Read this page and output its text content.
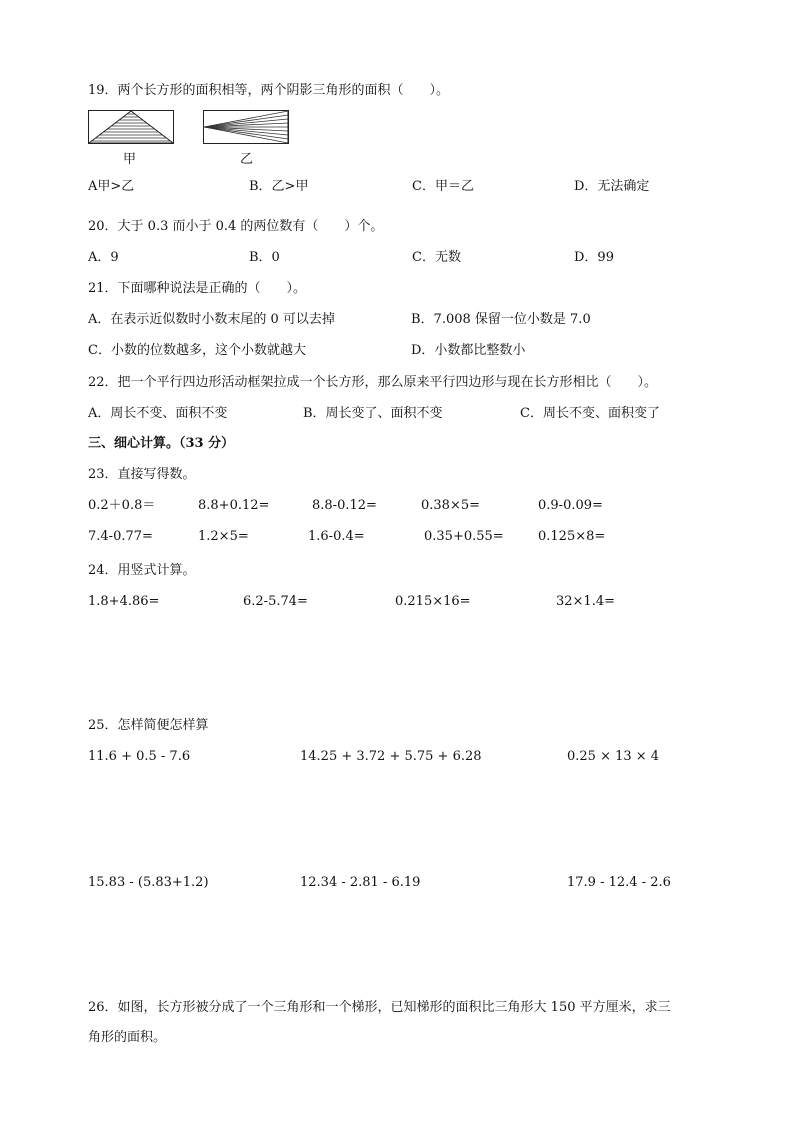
19．两个长方形的面积相等，两个阴影三角形的面积（　　）。
甲	乙
A甲>乙	B．乙>甲	C．甲＝乙	D．无法确定
20．大于 0.3 而小于 0.4 的两位数有（　　）个。
A．9	B．0	C．无数	D．99
21．下面哪种说法是正确的（　　）。
A．在表示近似数时小数末尾的 0 可以去掉	B．7.008 保留一位小数是 7.0
C．小数的位数越多，这个小数就越大	D．小数都比整数小
22．把一个平行四边形活动框架拉成一个长方形，那么原来平行四边形与现在长方形相比（　　）。
A．周长不变、面积不变	B．周长变了、面积不变	C．周长不变、面积变了
三、细心计算。（33 分）
23．直接写得数。
0.2＋0.8＝	8.8+0.12=	8.8-0.12=	0.38×5=	0.9-0.09=
7.4-0.77=	1.2×5=	1.6-0.4=	0.35+0.55=	0.125×8=
24．用竖式计算。
1.8+4.86=	6.2-5.74=	0.215×16=	32×1.4=
25．怎样简便怎样算
11.6 + 0.5 - 7.6	14.25 + 3.72 + 5.75 + 6.28	0.25 × 13 × 4
15.83 - (5.83+1.2)	12.34 - 2.81 - 6.19	17.9 - 12.4 - 2.6
26．如图，长方形被分成了一个三角形和一个梯形，已知梯形的面积比三角形大 150 平方厘米，求三
角形的面积。
